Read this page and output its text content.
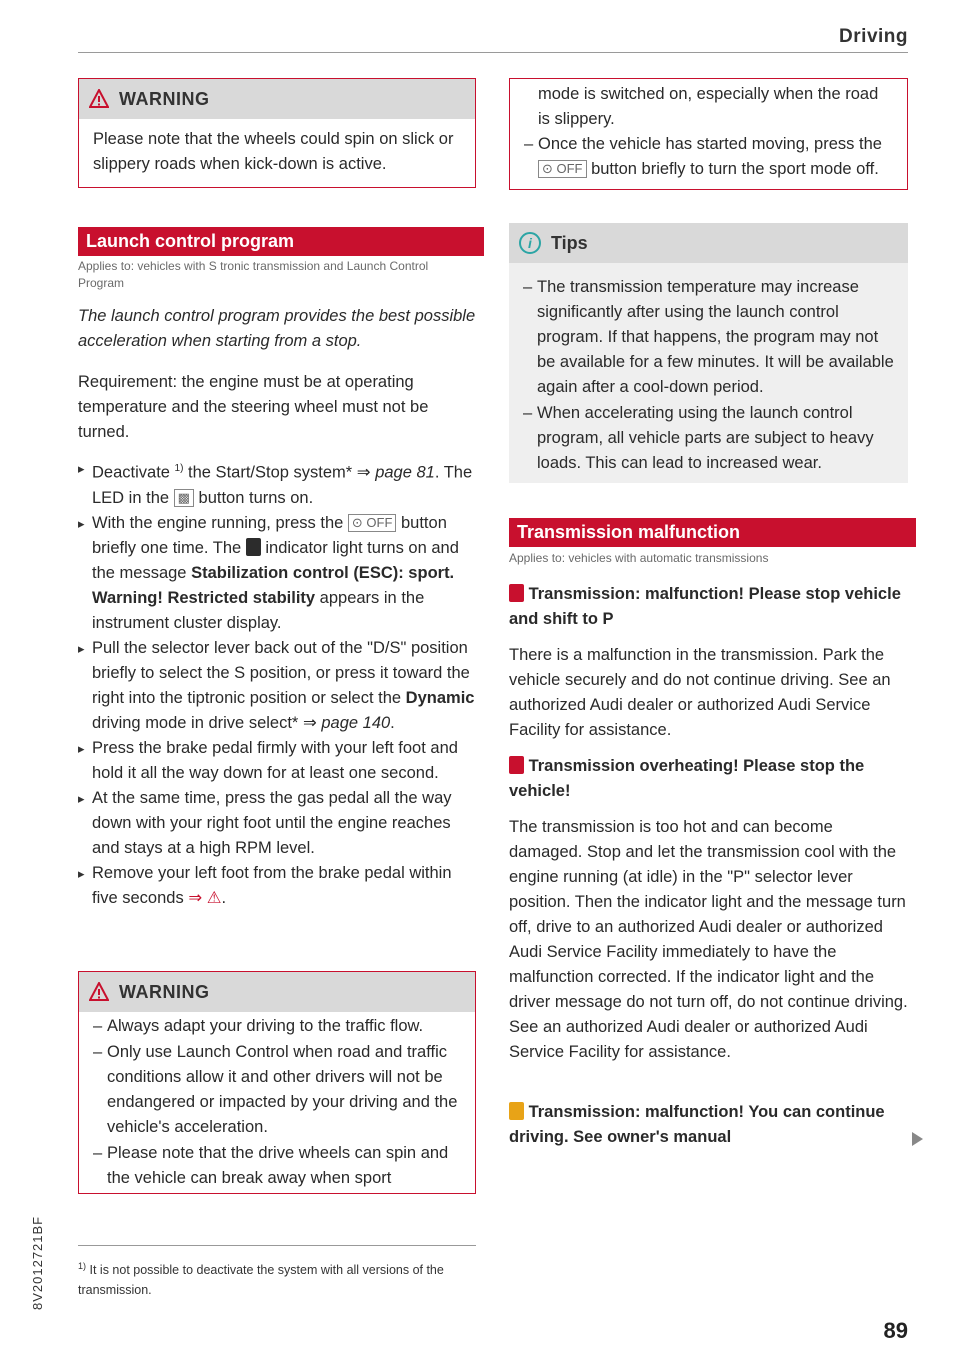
Driving
WARNING
Please note that the wheels could spin on slick or slippery roads when kick-down is active.
Launch control program
Applies to: vehicles with S tronic transmission and Launch Control Program
The launch control program provides the best possible acceleration when starting from a stop.
Requirement: the engine must be at operating temperature and the steering wheel must not be turned.
▸ Deactivate $^{1)}$ the Start/Stop system* ⇒ page 81. The LED in the ▩ button turns on.
▸ With the engine running, press the ⊙ OFF button briefly one time. The  indicator light turns on and the message Stabilization control (ESC): sport. Warning! Restricted stability appears in the instrument cluster display.
▸ Pull the selector lever back out of the "D/S" position briefly to select the S position, or press it toward the right into the tiptronic position or select the Dynamic driving mode in drive select* ⇒ page 140.
▸ Press the brake pedal firmly with your left foot and hold it all the way down for at least one second.
▸ At the same time, press the gas pedal all the way down with your right foot until the engine reaches and stays at a high RPM level.
▸ Remove your left foot from the brake pedal within five seconds ⇒ ⚠.
WARNING
– Always adapt your driving to the traffic flow.
– Only use Launch Control when road and traffic conditions allow it and other drivers will not be endangered or impacted by your driving and the vehicle's acceleration.
– Please note that the drive wheels can spin and the vehicle can break away when sport
$^{1)}$ It is not possible to deactivate the system with all versions of the transmission.
mode is switched on, especially when the road is slippery.
– Once the vehicle has started moving, press the ⊙ OFF button briefly to turn the sport mode off.
i	Tips
– The transmission temperature may increase significantly after using the launch control program. If that happens, the program may not be available for a few minutes. It will be available again after a cool-down period.
– When accelerating using the launch control program, all vehicle parts are subject to heavy loads. This can lead to increased wear.
Transmission malfunction
Applies to: vehicles with automatic transmissions
Transmission: malfunction! Please stop vehicle and shift to P
There is a malfunction in the transmission. Park the vehicle securely and do not continue driving. See an authorized Audi dealer or authorized Audi Service Facility for assistance.
Transmission overheating! Please stop the vehicle!
The transmission is too hot and can become damaged. Stop and let the transmission cool with the engine running (at idle) in the "P" selector lever position. Then the indicator light and the message turn off, drive to an authorized Audi dealer or authorized Audi Service Facility immediately to have the malfunction corrected. If the indicator light and the driver message do not turn off, do not continue driving. See an authorized Audi dealer or authorized Audi Service Facility for assistance.
Transmission: malfunction! You can continue driving. See owner's manual
8V2012721BF
89
